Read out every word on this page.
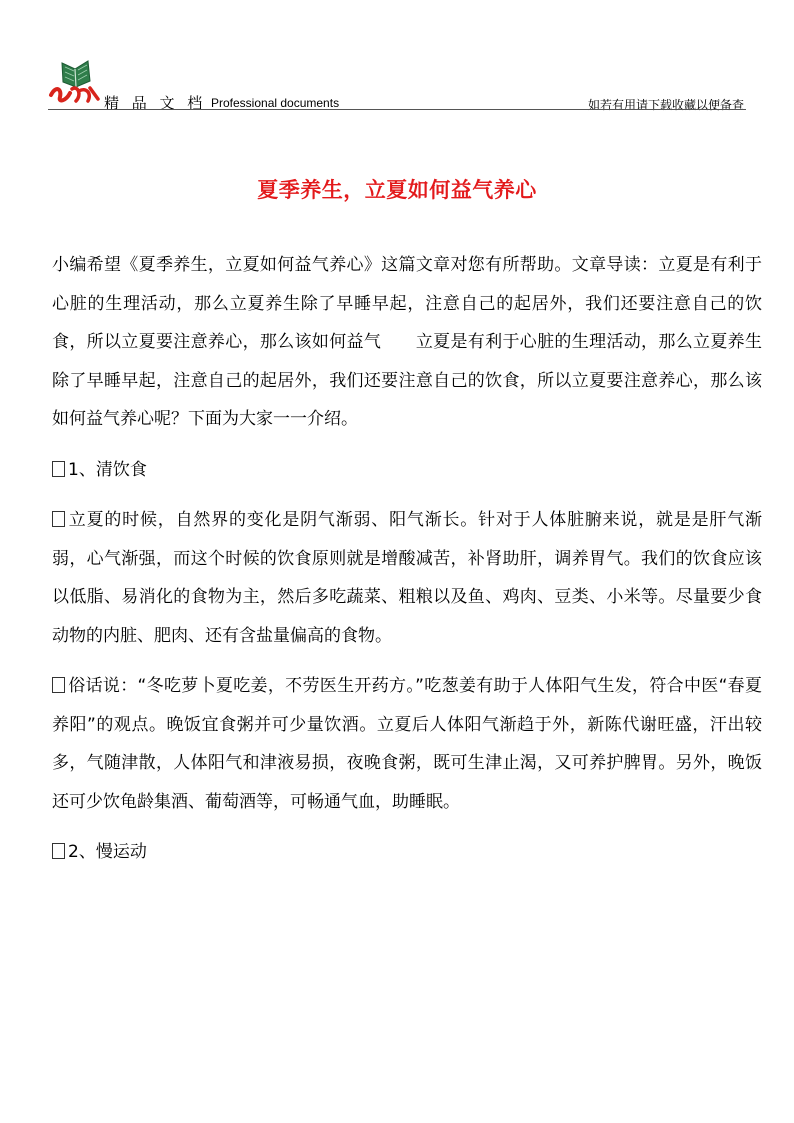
精 品 文 档 Professional documents	如若有用请下载收藏以便备查
夏季养生，立夏如何益气养心

小编希望《夏季养生，立夏如何益气养心》这篇文章对您有所帮助。文章导读：立夏是有利于心脏的生理活动，那么立夏养生除了早睡早起，注意自己的起居外，我们还要注意自己的饮食，所以立夏要注意养心，那么该如何益气　　立夏是有利于心脏的生理活动，那么立夏养生除了早睡早起，注意自己的起居外，我们还要注意自己的饮食，所以立夏要注意养心，那么该如何益气养心呢？下面为大家一一介绍。

1、清饮食

立夏的时候，自然界的变化是阴气渐弱、阳气渐长。针对于人体脏腑来说，就是是肝气渐弱，心气渐强，而这个时候的饮食原则就是增酸减苦，补肾助肝，调养胃气。我们的饮食应该以低脂、易消化的食物为主，然后多吃蔬菜、粗粮以及鱼、鸡肉、豆类、小米等。尽量要少食动物的内脏、肥肉、还有含盐量偏高的食物。

俗话说：“冬吃萝卜夏吃姜，不劳医生开药方。”吃葱姜有助于人体阳气生发，符合中医“春夏养阳”的观点。晚饭宜食粥并可少量饮酒。立夏后人体阳气渐趋于外，新陈代谢旺盛，汗出较多，气随津散，人体阳气和津液易损，夜晚食粥，既可生津止渴，又可养护脾胃。另外，晚饭还可少饮龟龄集酒、葡萄酒等，可畅通气血，助睡眠。

2、慢运动
